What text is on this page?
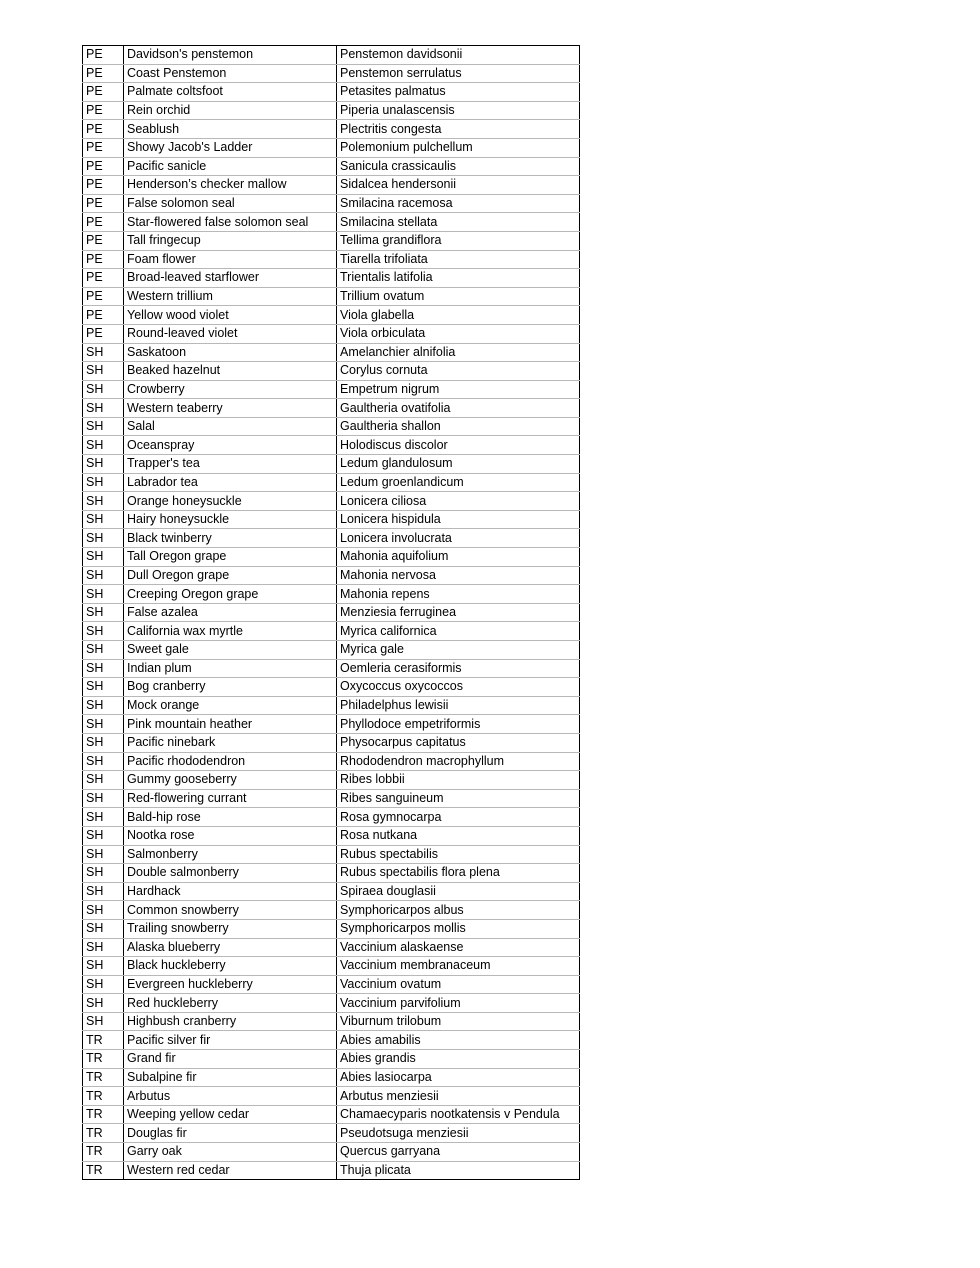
PE	Davidson's penstemon	Penstemon davidsonii
PE	Coast Penstemon	Penstemon serrulatus
PE	Palmate coltsfoot	Petasites palmatus
PE	Rein orchid	Piperia unalascensis
PE	Seablush	Plectritis congesta
PE	Showy Jacob's Ladder	Polemonium pulchellum
PE	Pacific sanicle	Sanicula crassicaulis
PE	Henderson’s checker mallow	Sidalcea hendersonii
PE	False solomon seal	Smilacina racemosa
PE	Star-flowered false solomon seal	Smilacina stellata
PE	Tall fringecup	Tellima grandiflora
PE	Foam flower	Tiarella trifoliata
PE	Broad-leaved starflower	Trientalis latifolia
PE	Western trillium	Trillium ovatum
PE	Yellow wood violet	Viola glabella
PE	Round-leaved violet	Viola orbiculata
SH	Saskatoon	Amelanchier alnifolia
SH	Beaked hazelnut	Corylus cornuta
SH	Crowberry	Empetrum nigrum
SH	Western teaberry	Gaultheria ovatifolia
SH	Salal	Gaultheria shallon
SH	Oceanspray	Holodiscus discolor
SH	Trapper's tea	Ledum glandulosum
SH	Labrador tea	Ledum groenlandicum
SH	Orange honeysuckle	Lonicera ciliosa
SH	Hairy honeysuckle	Lonicera hispidula
SH	Black twinberry	Lonicera involucrata
SH	Tall Oregon grape	Mahonia aquifolium
SH	Dull Oregon grape	Mahonia nervosa
SH	Creeping Oregon grape	Mahonia repens
SH	False azalea	Menziesia ferruginea
SH	California wax myrtle	Myrica californica
SH	Sweet gale	Myrica gale
SH	Indian plum	Oemleria cerasiformis
SH	Bog cranberry	Oxycoccus oxycoccos
SH	Mock orange	Philadelphus lewisii
SH	Pink mountain heather	Phyllodoce empetriformis
SH	Pacific ninebark	Physocarpus capitatus
SH	Pacific rhododendron	Rhododendron macrophyllum
SH	Gummy gooseberry	Ribes lobbii
SH	Red-flowering currant	Ribes sanguineum
SH	Bald-hip rose	Rosa gymnocarpa
SH	Nootka rose	Rosa nutkana
SH	Salmonberry	Rubus spectabilis
SH	Double salmonberry	Rubus spectabilis flora plena
SH	Hardhack	Spiraea douglasii
SH	Common snowberry	Symphoricarpos albus
SH	Trailing snowberry	Symphoricarpos mollis
SH	Alaska blueberry	Vaccinium alaskaense
SH	Black huckleberry	Vaccinium membranaceum
SH	Evergreen huckleberry	Vaccinium ovatum
SH	Red huckleberry	Vaccinium parvifolium
SH	Highbush cranberry	Viburnum trilobum
TR	Pacific silver fir	Abies amabilis
TR	Grand fir	Abies grandis
TR	Subalpine fir	Abies lasiocarpa
TR	Arbutus	Arbutus menziesii
TR	Weeping yellow cedar	Chamaecyparis nootkatensis v Pendula
TR	Douglas fir	Pseudotsuga menziesii
TR	Garry oak	Quercus garryana
TR	Western red cedar	Thuja plicata
